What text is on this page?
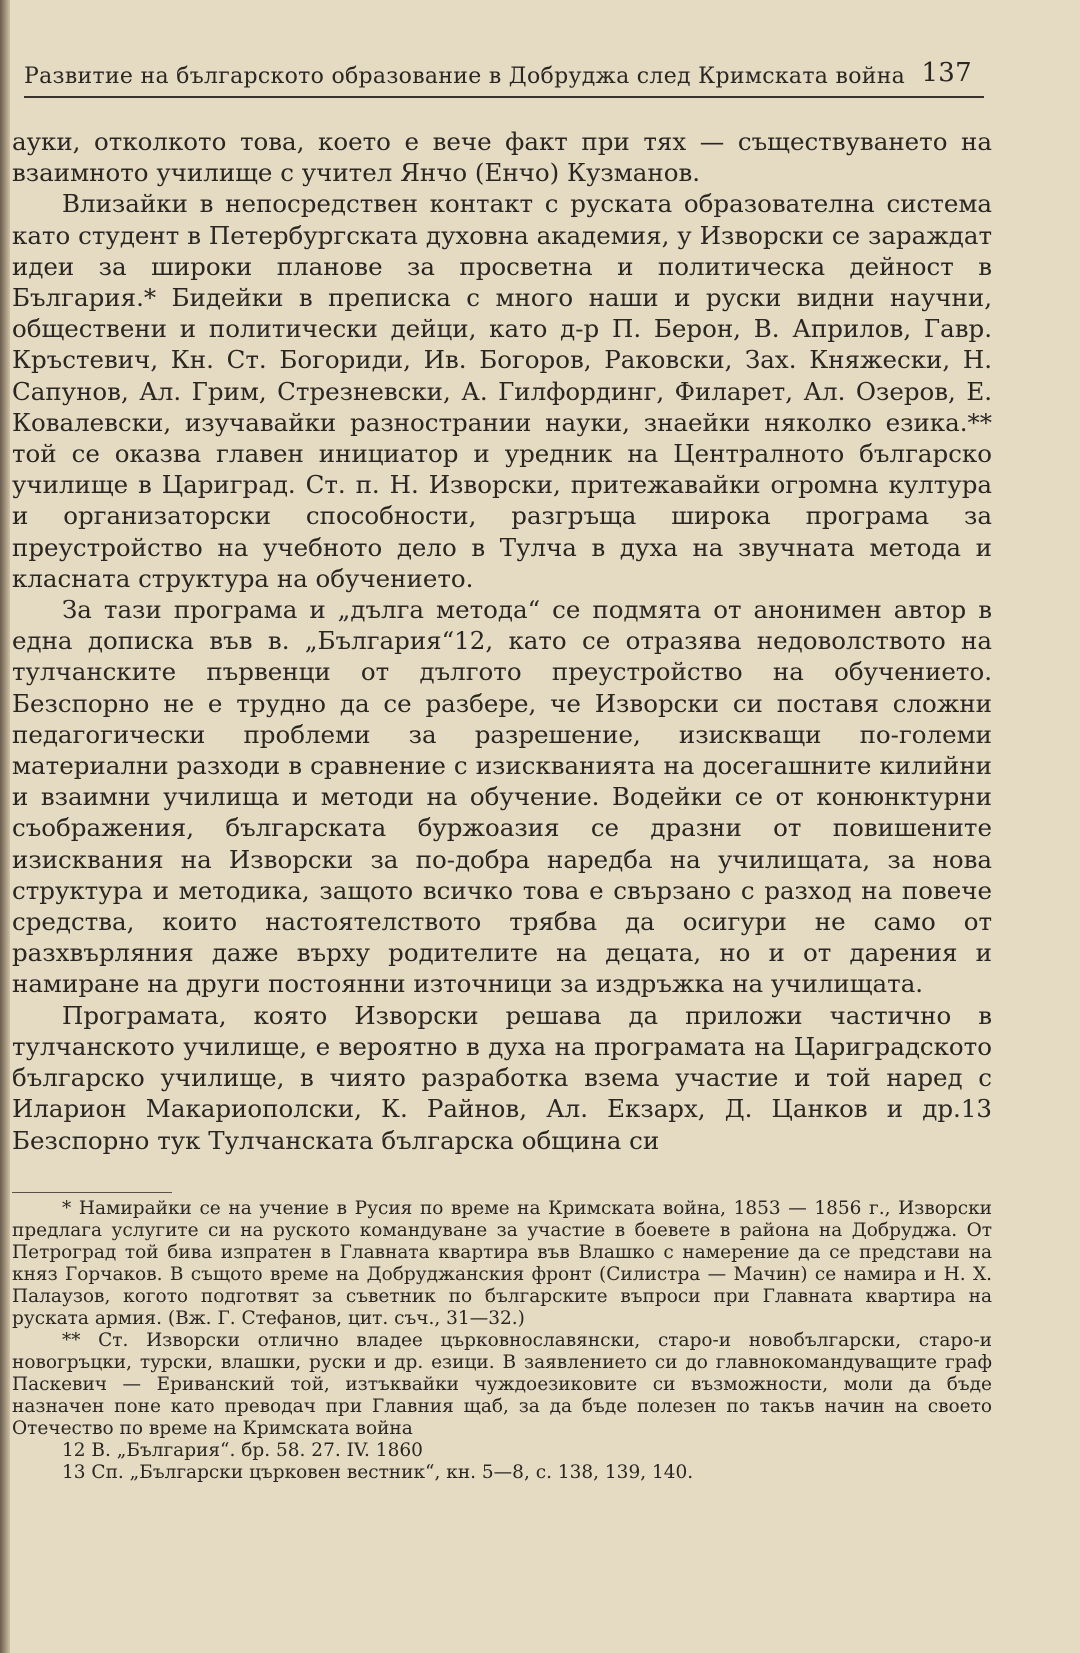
Развитие на българското образование в Добруджа след Кримската война 137

ауки, отколкото това, което е вече факт при тях — съществуването на взаимното училище с учител Янчо (Енчо) Кузманов.

Влизайки в непосредствен контакт с руската образователна система като студент в Петербургската духовна академия, у Изворски се зараждат идеи за широки планове за просветна и политическа дейност в България.* Бидейки в преписка с много наши и руски видни научни, обществени и политически дейци, като д-р П. Берон, В. Априлов, Гавр. Кръстевич, Кн. Ст. Богориди, Ив. Богоров, Раковски, Зах. Княжески, Н. Сапунов, Ал. Грим, Стрезневски, А. Гилфординг, Филарет, Ал. Озеров, Е. Ковалевски, изучавайки разнострании науки, знаейки няколко езика.** той се оказва главен инициатор и уредник на Централното българско училище в Цариград. Ст. п. Н. Изворски, притежавайки огромна култура и организаторски способности, разгръща широка програма за преустройство на учебното дело в Тулча в духа на звучната метода и класната структура на обучението.

За тази програма и „дълга метода“ се подмята от анонимен автор в една дописка във в. „България“12, като се отразява недоволството на тулчанските първенци от дългото преустройство на обучението. Безспорно не е трудно да се разбере, че Изворски си поставя сложни педагогически проблеми за разрешение, изискващи по-големи материални разходи в сравнение с изискванията на досегашните килийни и взаимни училища и методи на обучение. Водейки се от конюнктурни съображения, българската буржоазия се дразни от повишените изисквания на Изворски за по-добра наредба на училищата, за нова структура и методика, защото всичко това е свързано с разход на повече средства, които настоятелството трябва да осигури не само от разхвърляния даже върху родителите на децата, но и от дарения и намиране на други постоянни източници за издръжка на училищата.

Програмата, която Изворски решава да приложи частично в тулчанското училище, е вероятно в духа на програмата на Цариградското българско училище, в чиято разработка взема участие и той наред с Иларион Макариополски, К. Райнов, Ал. Екзарх, Д. Цанков и др.13 Безспорно тук Тулчанската българска община си

* Намирайки се на учение в Русия по време на Кримската война, 1853 — 1856 г., Изворски предлага услугите си на руското командуване за участие в боевете в района на Добруджа. От Петроград той бива изпратен в Главната квартира във Влашко с намерение да се представи на княз Горчаков. В същото време на Добруджанския фронт (Силистра — Мачин) се намира и Н. Х. Палаузов, когото подготвят за съветник по българските въпроси при Главната квартира на руската армия. (Вж. Г. Стефанов, цит. съч., 31—32.)

** Ст. Изворски отлично владее църковнославянски, старо-и новобългарски, старо-и новогръцки, турски, влашки, руски и др. езици. В заявлението си до главнокомандуващите граф Паскевич — Ериванский той, изтъквайки чуждоезиковите си възможности, моли да бъде назначен поне като преводач при Главния щаб, за да бъде полезен по такъв начин на своето Отечество по време на Кримската война

12 В. „България“. бр. 58. 27. IV. 1860

13 Сп. „Български църковен вестник“, кн. 5—8, с. 138, 139, 140.
